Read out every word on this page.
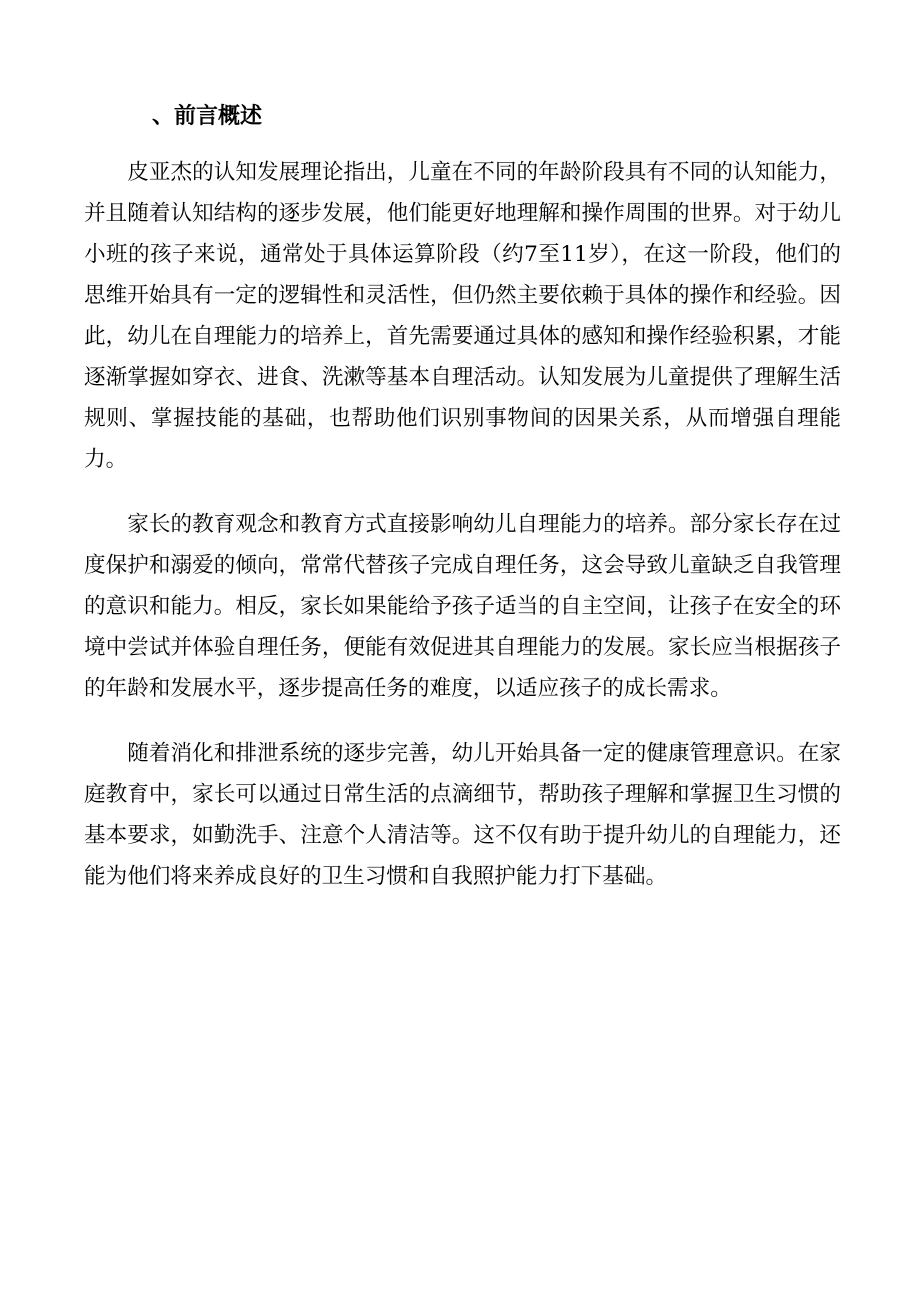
、前言概述

皮亚杰的认知发展理论指出，儿童在不同的年龄阶段具有不同的认知能力，并且随着认知结构的逐步发展，他们能更好地理解和操作周围的世界。对于幼儿小班的孩子来说，通常处于具体运算阶段（约7至11岁），在这一阶段，他们的思维开始具有一定的逻辑性和灵活性，但仍然主要依赖于具体的操作和经验。因此，幼儿在自理能力的培养上，首先需要通过具体的感知和操作经验积累，才能逐渐掌握如穿衣、进食、洗漱等基本自理活动。认知发展为儿童提供了理解生活规则、掌握技能的基础，也帮助他们识别事物间的因果关系，从而增强自理能力。

家长的教育观念和教育方式直接影响幼儿自理能力的培养。部分家长存在过度保护和溺爱的倾向，常常代替孩子完成自理任务，这会导致儿童缺乏自我管理的意识和能力。相反，家长如果能给予孩子适当的自主空间，让孩子在安全的环境中尝试并体验自理任务，便能有效促进其自理能力的发展。家长应当根据孩子的年龄和发展水平，逐步提高任务的难度，以适应孩子的成长需求。

随着消化和排泄系统的逐步完善，幼儿开始具备一定的健康管理意识。在家庭教育中，家长可以通过日常生活的点滴细节，帮助孩子理解和掌握卫生习惯的基本要求，如勤洗手、注意个人清洁等。这不仅有助于提升幼儿的自理能力，还能为他们将来养成良好的卫生习惯和自我照护能力打下基础。
